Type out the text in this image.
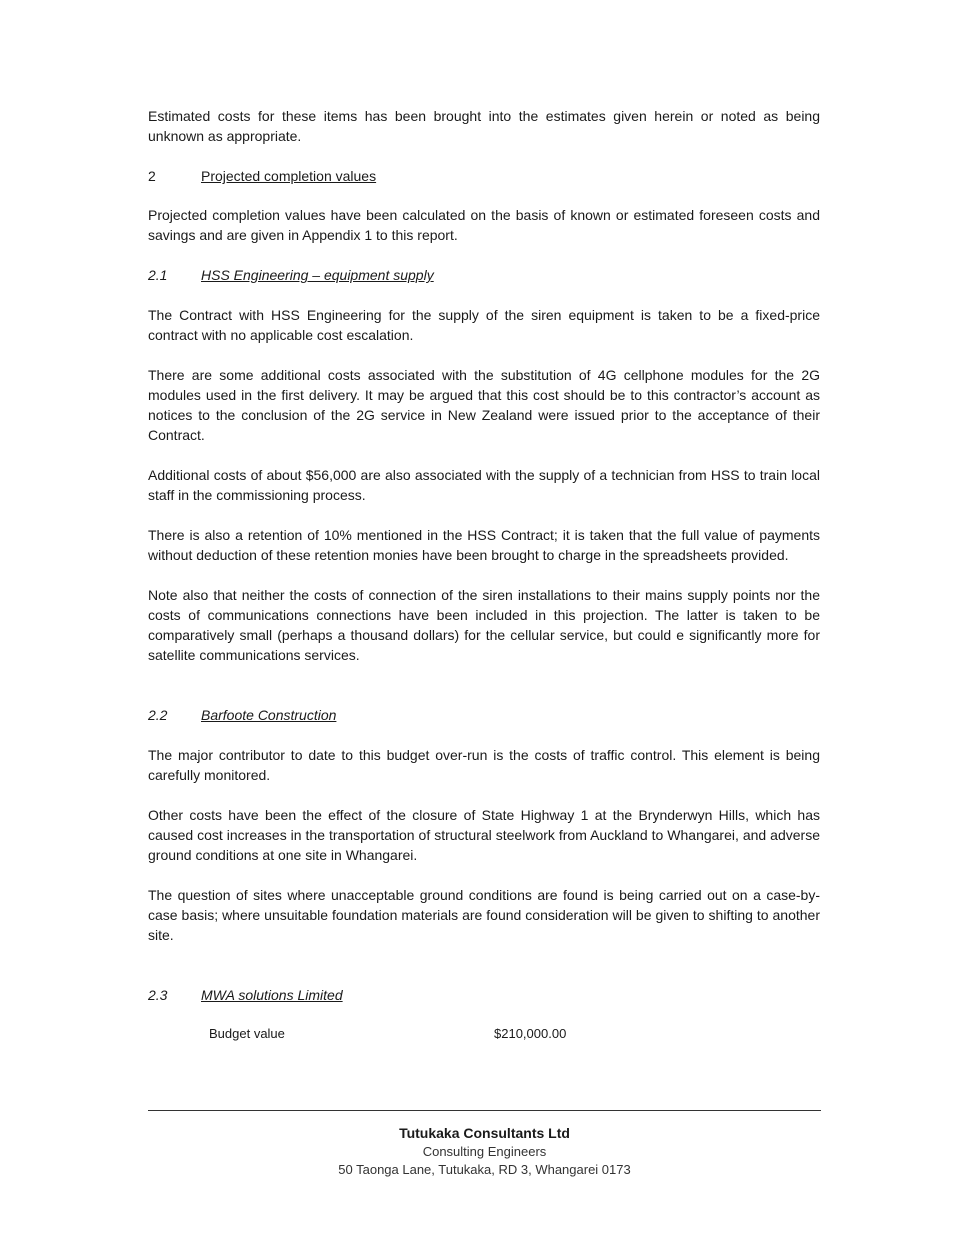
Estimated costs for these items has been brought into the estimates given herein or noted as being unknown as appropriate.

2	Projected completion values

Projected completion values have been calculated on the basis of known or estimated foreseen costs and savings and are given in Appendix 1 to this report.

2.1	HSS Engineering – equipment supply

The Contract with HSS Engineering for the supply of the siren equipment is taken to be a fixed-price contract with no applicable cost escalation.

There are some additional costs associated with the substitution of 4G cellphone modules for the 2G modules used in the first delivery. It may be argued that this cost should be to this contractor’s account as notices to the conclusion of the 2G service in New Zealand were issued prior to the acceptance of their Contract.

Additional costs of about $56,000 are also associated with the supply of a technician from HSS to train local staff in the commissioning process.

There is also a retention of 10% mentioned in the HSS Contract; it is taken that the full value of payments without deduction of these retention monies have been brought to charge in the spreadsheets provided.

Note also that neither the costs of connection of the siren installations to their mains supply points nor the costs of communications connections have been included in this projection. The latter is taken to be comparatively small (perhaps a thousand dollars) for the cellular service, but could e significantly more for satellite communications services.

2.2	Barfoote Construction

The major contributor to date to this budget over-run is the costs of traffic control. This element is being carefully monitored.

Other costs have been the effect of the closure of State Highway 1 at the Brynderwyn Hills, which has caused cost increases in the transportation of structural steelwork from Auckland to Whangarei, and adverse ground conditions at one site in Whangarei.

The question of sites where unacceptable ground conditions are found is being carried out on a case-by-case basis; where unsuitable foundation materials are found consideration will be given to shifting to another site.

2.3	MWA solutions Limited
Budget value	$210,000.00
Tutukaka Consultants Ltd
Consulting Engineers
50 Taonga Lane, Tutukaka, RD 3, Whangarei 0173
